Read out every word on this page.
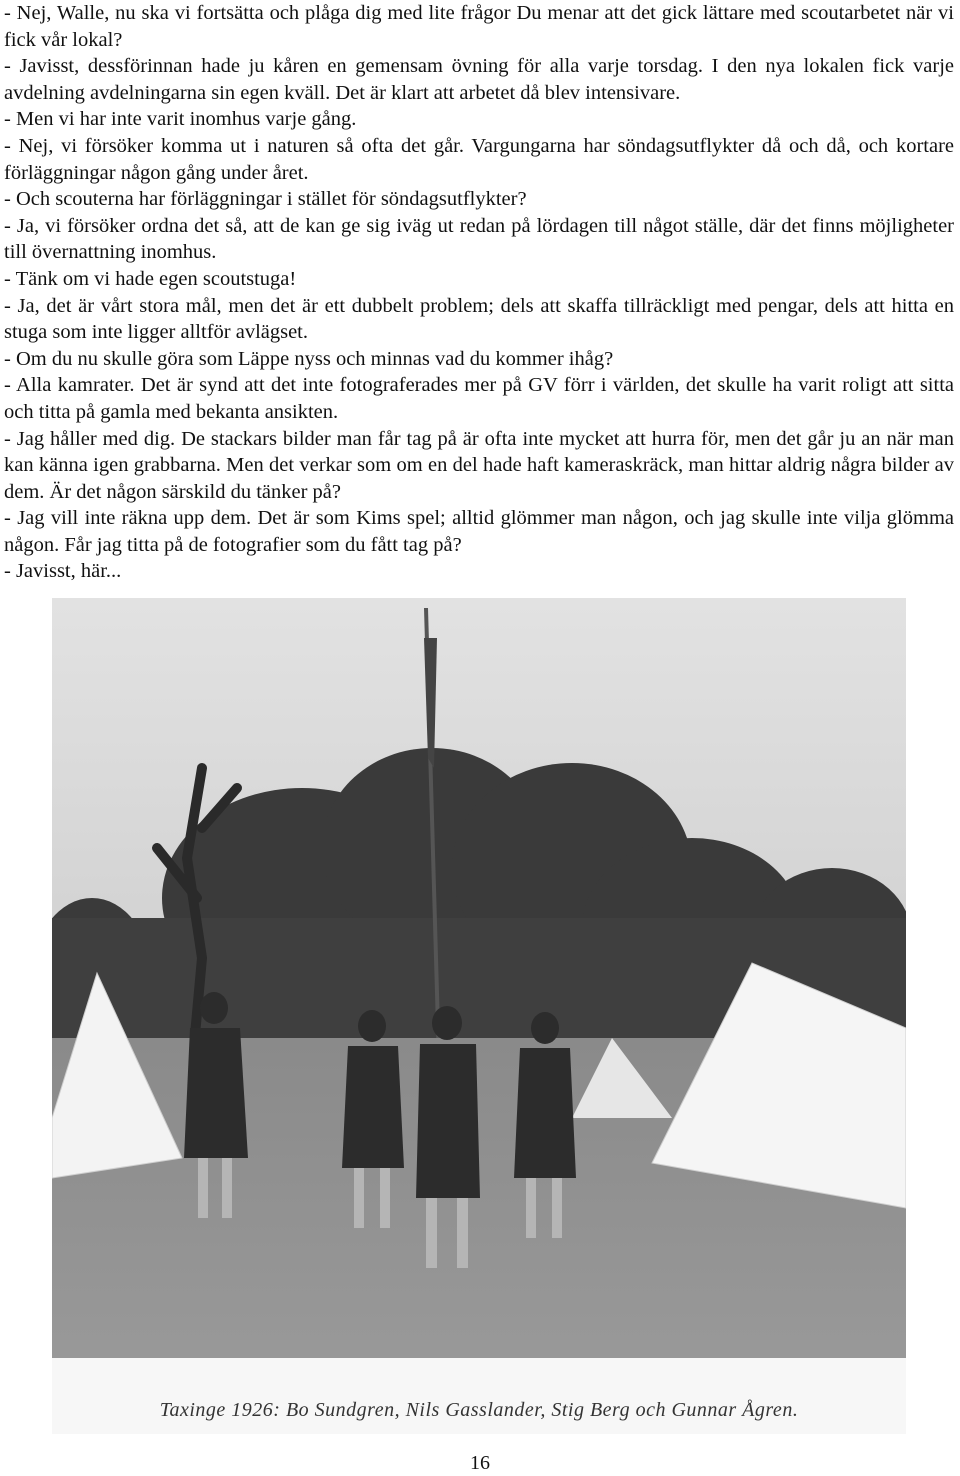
- Nej, Walle, nu ska vi fortsätta och plåga dig med lite frågor Du menar att det gick lättare med scoutarbetet när vi fick vår lokal?

- Javisst, dessförinnan hade ju kåren en gemensam övning för alla varje torsdag. I den nya lokalen fick varje avdelning avdelningarna sin egen kväll. Det är klart att arbetet då blev intensivare.

- Men vi har inte varit inomhus varje gång.

- Nej, vi försöker komma ut i naturen så ofta det går. Vargungarna har söndagsutflykter då och då, och kortare förläggningar någon gång under året.

- Och scouterna har förläggningar i stället för söndagsutflykter?

- Ja, vi försöker ordna det så, att de kan ge sig iväg ut redan på lördagen till något ställe, där det finns möjligheter till övernattning inomhus.

- Tänk om vi hade egen scoutstuga!

- Ja, det är vårt stora mål, men det är ett dubbelt problem; dels att skaffa tillräckligt med pengar, dels att hitta en stuga som inte ligger alltför avlägset.

- Om du nu skulle göra som Läppe nyss och minnas vad du kommer ihåg?

- Alla kamrater. Det är synd att det inte fotograferades mer på GV förr i världen, det skulle ha varit roligt att sitta och titta på gamla med bekanta ansikten.

- Jag håller med dig. De stackars bilder man får tag på är ofta inte mycket att hurra för, men det går ju an när man kan känna igen grabbarna. Men det verkar som om en del hade haft kameraskräck, man hittar aldrig några bilder av dem. Är det någon särskild du tänker på?

- Jag vill inte räkna upp dem. Det är som Kims spel; alltid glömmer man någon, och jag skulle inte vilja glömma någon. Får jag titta på de fotografier som du fått tag på?

- Javisst, här...

Taxinge 1926: Bo Sundgren, Nils Gasslander, Stig Berg och Gunnar Ågren.
16
